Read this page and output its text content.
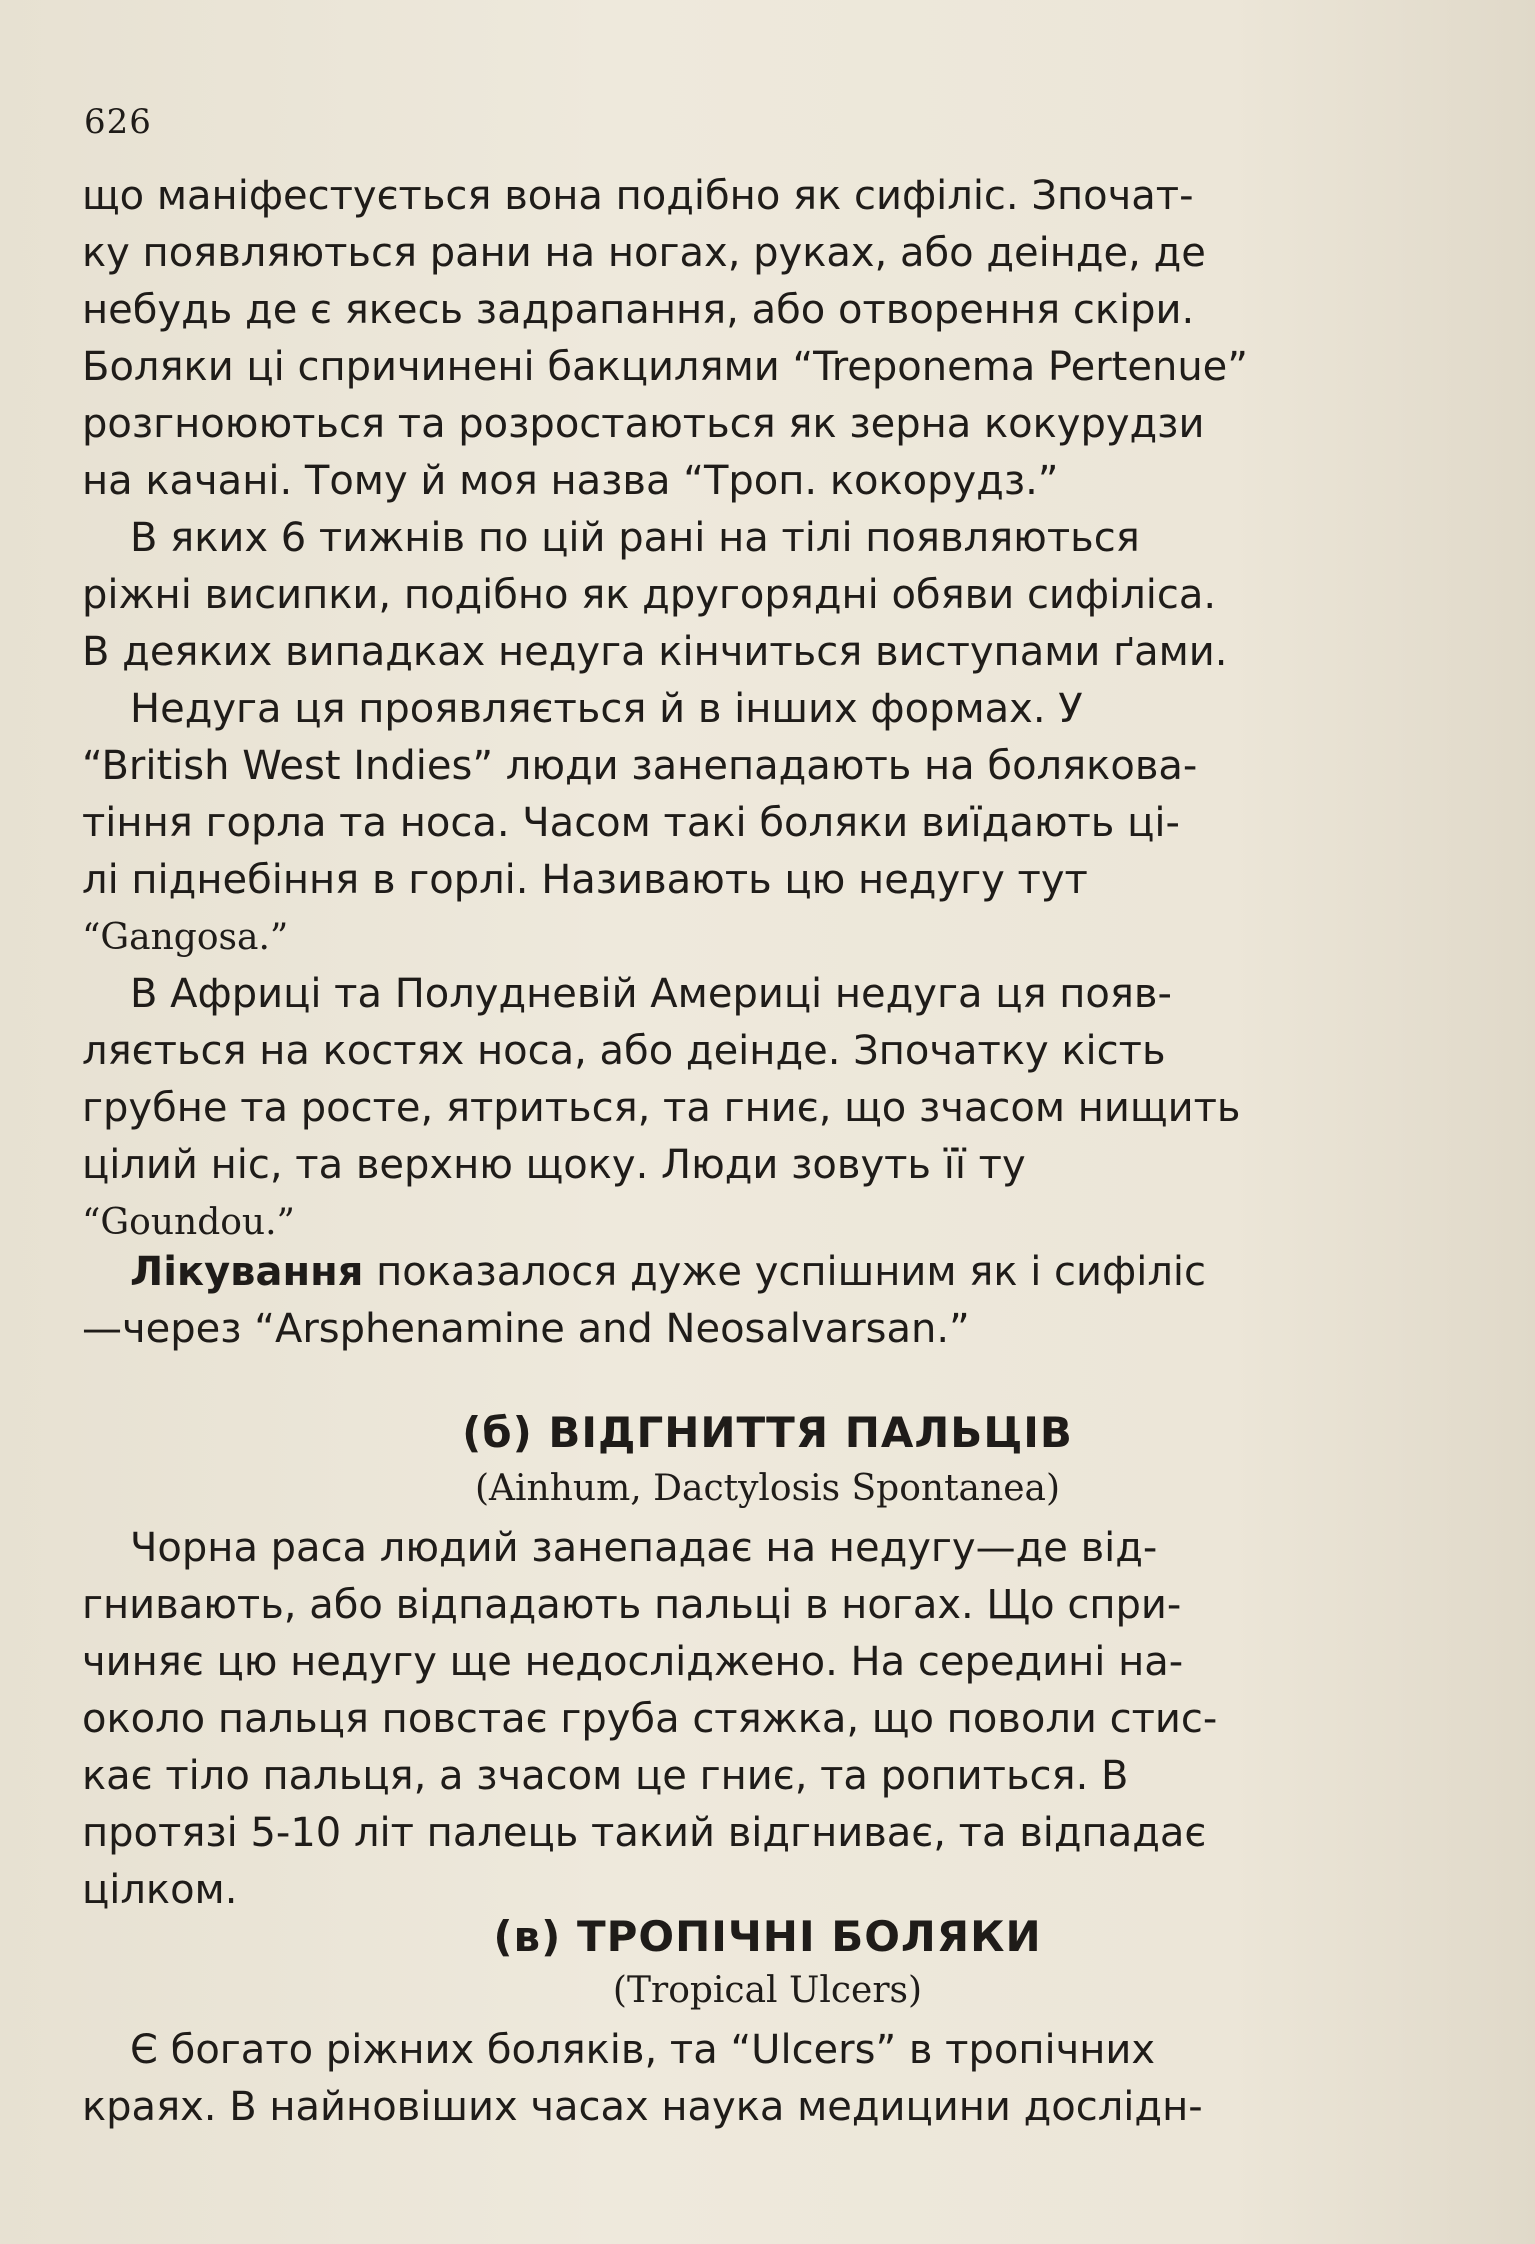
626
що маніфестується вона подібно як сифіліс. Зпочат-
ку появляються рани на ногах, руках, або деінде, де
небудь де є якесь задрапання, або отворення скіри.
Боляки ці спричинені бакцилями “Treponema Pertenue”
розгноюються та розростаються як зерна кокурудзи
на качані. Тому й моя назва “Троп. кокорудз.”
В яких 6 тижнів по цій рані на тілі появляються
ріжні висипки, подібно як другорядні обяви сифіліса.
В деяких випадках недуга кінчиться виступами ґами.
Недуга ця проявляється й в інших формах. У
“British West Indies” люди занепадають на болякова-
тіння горла та носа. Часом такі боляки виїдають ці-
лі піднебіння в горлі. Називають цю недугу тут
“Gangosa.”
В Африці та Полудневій Америці недуга ця появ-
ляється на костях носа, або деінде. Зпочатку кість
грубне та росте, ятриться, та гниє, що зчасом нищить
цілий ніс, та верхню щоку. Люди зовуть її ту
“Goundou.”
Лікування показалося дуже успішним як і сифіліс
—через “Arsphenamine and Neosalvarsan.”
(б) ВІДГНИТТЯ ПАЛЬЦІВ
(Ainhum, Dactylosis Spontanea)
Чорна раса людий занепадає на недугу—де від-
гнивають, або відпадають пальці в ногах. Що спри-
чиняє цю недугу ще недосліджено. На середині на-
около пальця повстає груба стяжка, що поволи стис-
кає тіло пальця, а зчасом це гниє, та ропиться. В
протязі 5-10 літ палець такий відгниває, та відпадає
цілком.
(в) ТРОПІЧНІ БОЛЯКИ
(Tropical Ulcers)
Є богато ріжних боляків, та “Ulcers” в тропічних
краях. В найновіших часах наука медицини дослідн-
